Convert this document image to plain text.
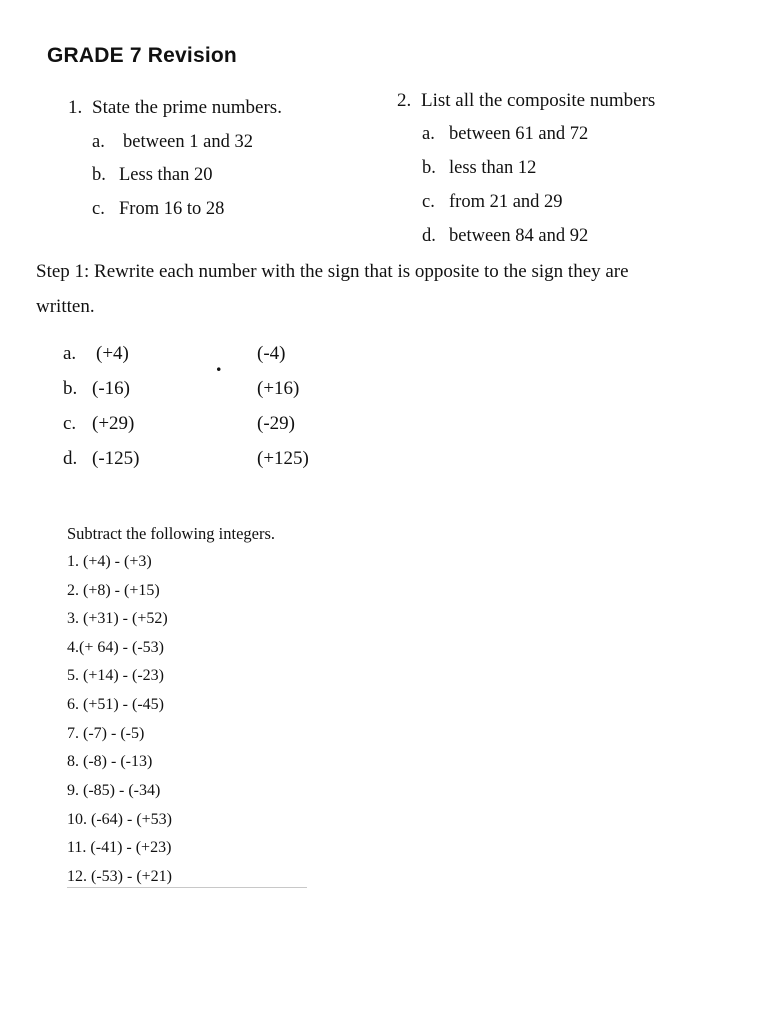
GRADE 7 Revision
1. State the prime numbers.
a. between 1 and 32
b. Less than 20
c. From 16 to 28
2. List all the composite numbers
a. between 61 and 72
b. less than 12
c. from 21 and 29
d. between 84 and 92
Step 1: Rewrite each number with the sign that is opposite to the sign they are
written.
a. (+4)	. (-4)
b. (-16)	(+16)
c. (+29)	(-29)
d. (-125)	(+125)
Subtract the following integers.
1. (+4) - (+3)
2. (+8) - (+15)
3. (+31) - (+52)
4.(+ 64) - (-53)
5. (+14) - (-23)
6. (+51) - (-45)
7. (-7) - (-5)
8. (-8) - (-13)
9. (-85) - (-34)
10. (-64) - (+53)
11. (-41) - (+23)
12. (-53) - (+21)
